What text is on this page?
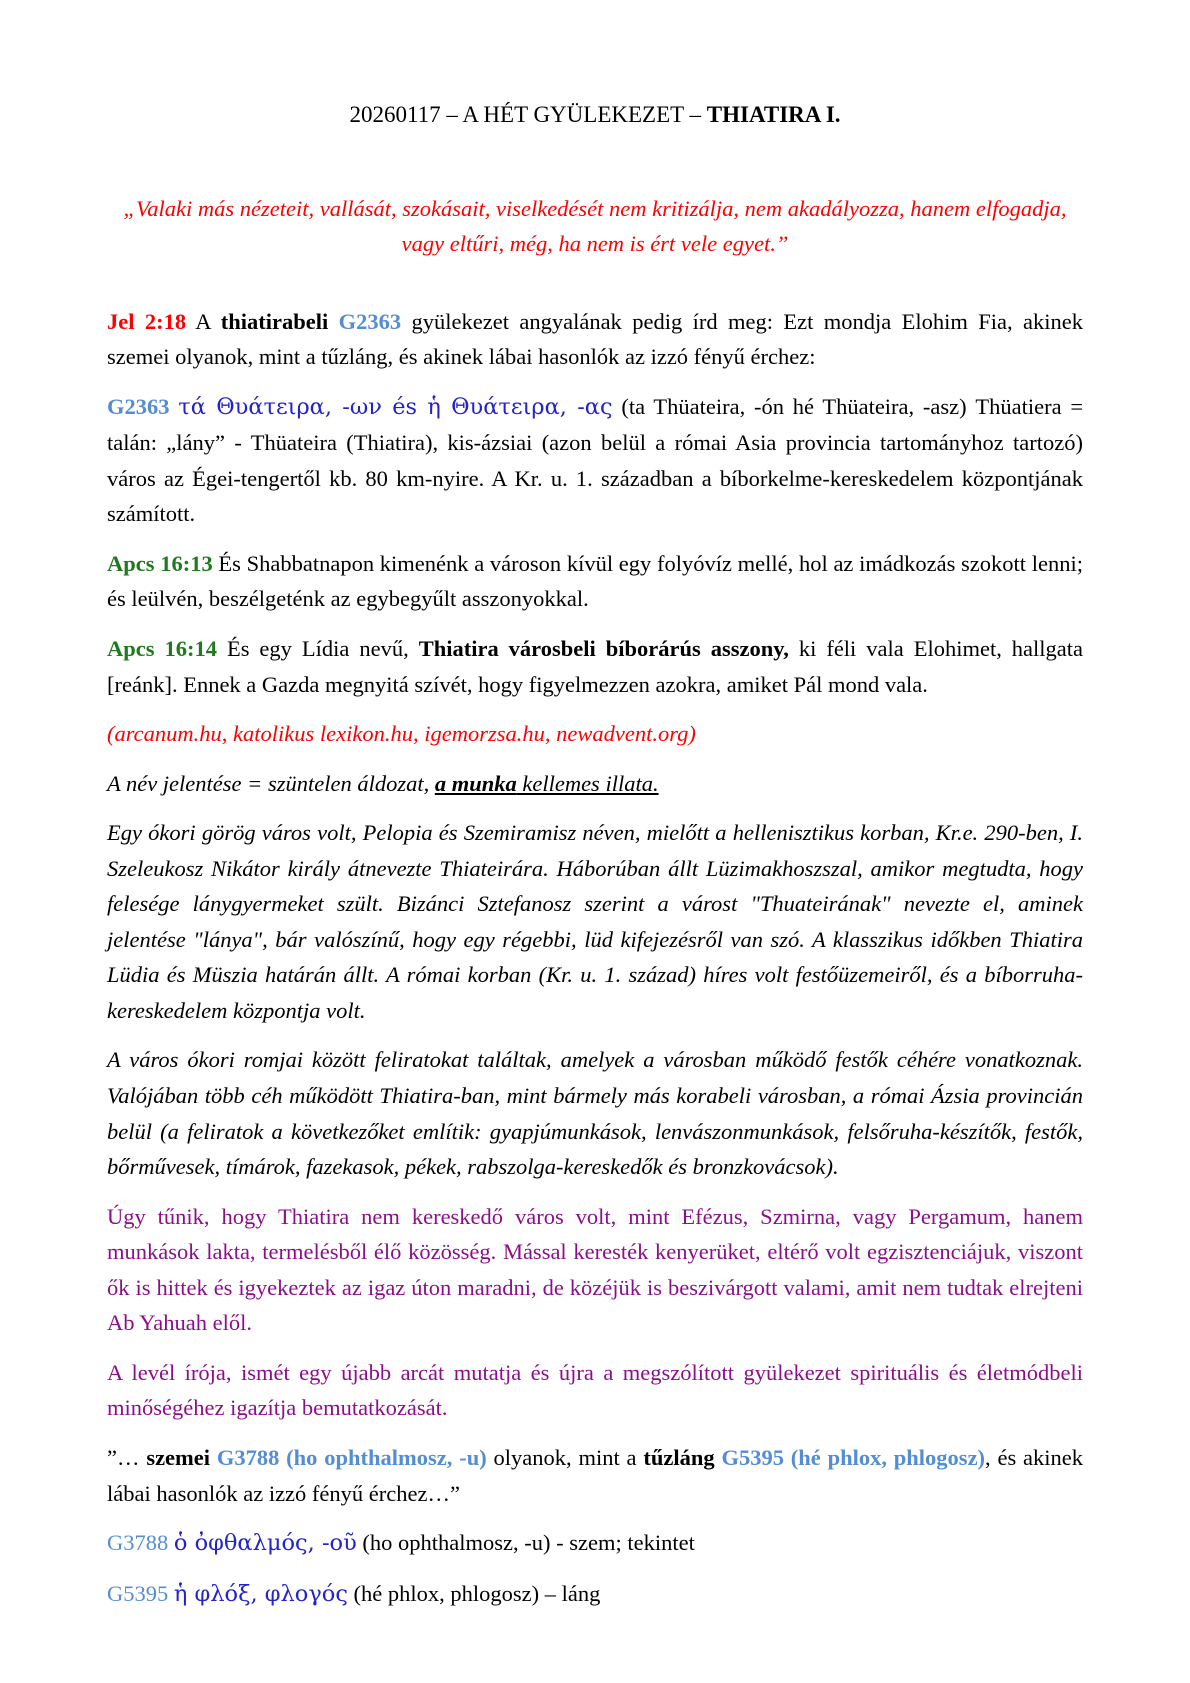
20260117 – A HÉT GYÜLEKEZET – THIATIRA I.
„Valaki más nézeteit, vallását, szokásait, viselkedését nem kritizálja, nem akadályozza, hanem elfogadja, vagy eltűri, még, ha nem is ért vele egyet.”

Jel 2:18 A thiatirabeli G2363 gyülekezet angyalának pedig írd meg: Ezt mondja Elohim Fia, akinek szemei olyanok, mint a tűzláng, és akinek lábai hasonlók az izzó fényű érchez:

G2363 τά Θυάτειρα, -ων és ἡ Θυάτειρα, -ας (ta Thüateira, -ón hé Thüateira, -asz) Thüatiera = talán: „lány” - Thüateira (Thiatira), kis-ázsiai (azon belül a római Asia provincia tartományhoz tartozó) város az Égei-tengertől kb. 80 km-nyire. A Kr. u. 1. században a bíborkelme-kereskedelem központjának számított.

Apcs 16:13 És Shabbatnapon kimenénk a városon kívül egy folyóvíz mellé, hol az imádkozás szokott lenni; és leülvén, beszélgeténk az egybegyűlt asszonyokkal.

Apcs 16:14 És egy Lídia nevű, Thiatira városbeli bíborárús asszony, ki féli vala Elohimet, hallgata [reánk]. Ennek a Gazda megnyitá szívét, hogy figyelmezzen azokra, amiket Pál mond vala.

(arcanum.hu, katolikus lexikon.hu, igemorzsa.hu, newadvent.org)

A név jelentése = szüntelen áldozat, a munka kellemes illata.

Egy ókori görög város volt, Pelopia és Szemiramisz néven, mielőtt a hellenisztikus korban, Kr.e. 290-ben, I. Szeleukosz Nikátor király átnevezte Thiateirára. Háborúban állt Lüzimakhoszszal, amikor megtudta, hogy felesége lánygyermeket szült. Bizánci Sztefanosz szerint a várost "Thuateirának" nevezte el, aminek jelentése "lánya", bár valószínű, hogy egy régebbi, lüd kifejezésről van szó. A klasszikus időkben Thiatira Lüdia és Müszia határán állt. A római korban (Kr. u. 1. század) híres volt festőüzemeiről, és a bíborruha-kereskedelem központja volt.

A város ókori romjai között feliratokat találtak, amelyek a városban működő festők céhére vonatkoznak. Valójában több céh működött Thiatira-ban, mint bármely más korabeli városban, a római Ázsia provincián belül (a feliratok a következőket említik: gyapjúmunkások, lenvászonmunkások, felsőruha-készítők, festők, bőrművesek, tímárok, fazekasok, pékek, rabszolga-kereskedők és bronzkovácsok).

Úgy tűnik, hogy Thiatira nem kereskedő város volt, mint Efézus, Szmirna, vagy Pergamum, hanem munkások lakta, termelésből élő közösség. Mással keresték kenyerüket, eltérő volt egzisztenciájuk, viszont ők is hittek és igyekeztek az igaz úton maradni, de közéjük is beszivárgott valami, amit nem tudtak elrejteni Ab Yahuah elől.

A levél írója, ismét egy újabb arcát mutatja és újra a megszólított gyülekezet spirituális és életmódbeli minőségéhez igazítja bemutatkozását.

”… szemei G3788 (ho ophthalmosz, -u) olyanok, mint a tűzláng G5395 (hé phlox, phlogosz), és akinek lábai hasonlók az izzó fényű érchez…”

G3788 ὁ ὀφθαλμός, -οῦ (ho ophthalmosz, -u) - szem; tekintet

G5395 ἡ φλόξ, φλογός (hé phlox, phlogosz) – láng
